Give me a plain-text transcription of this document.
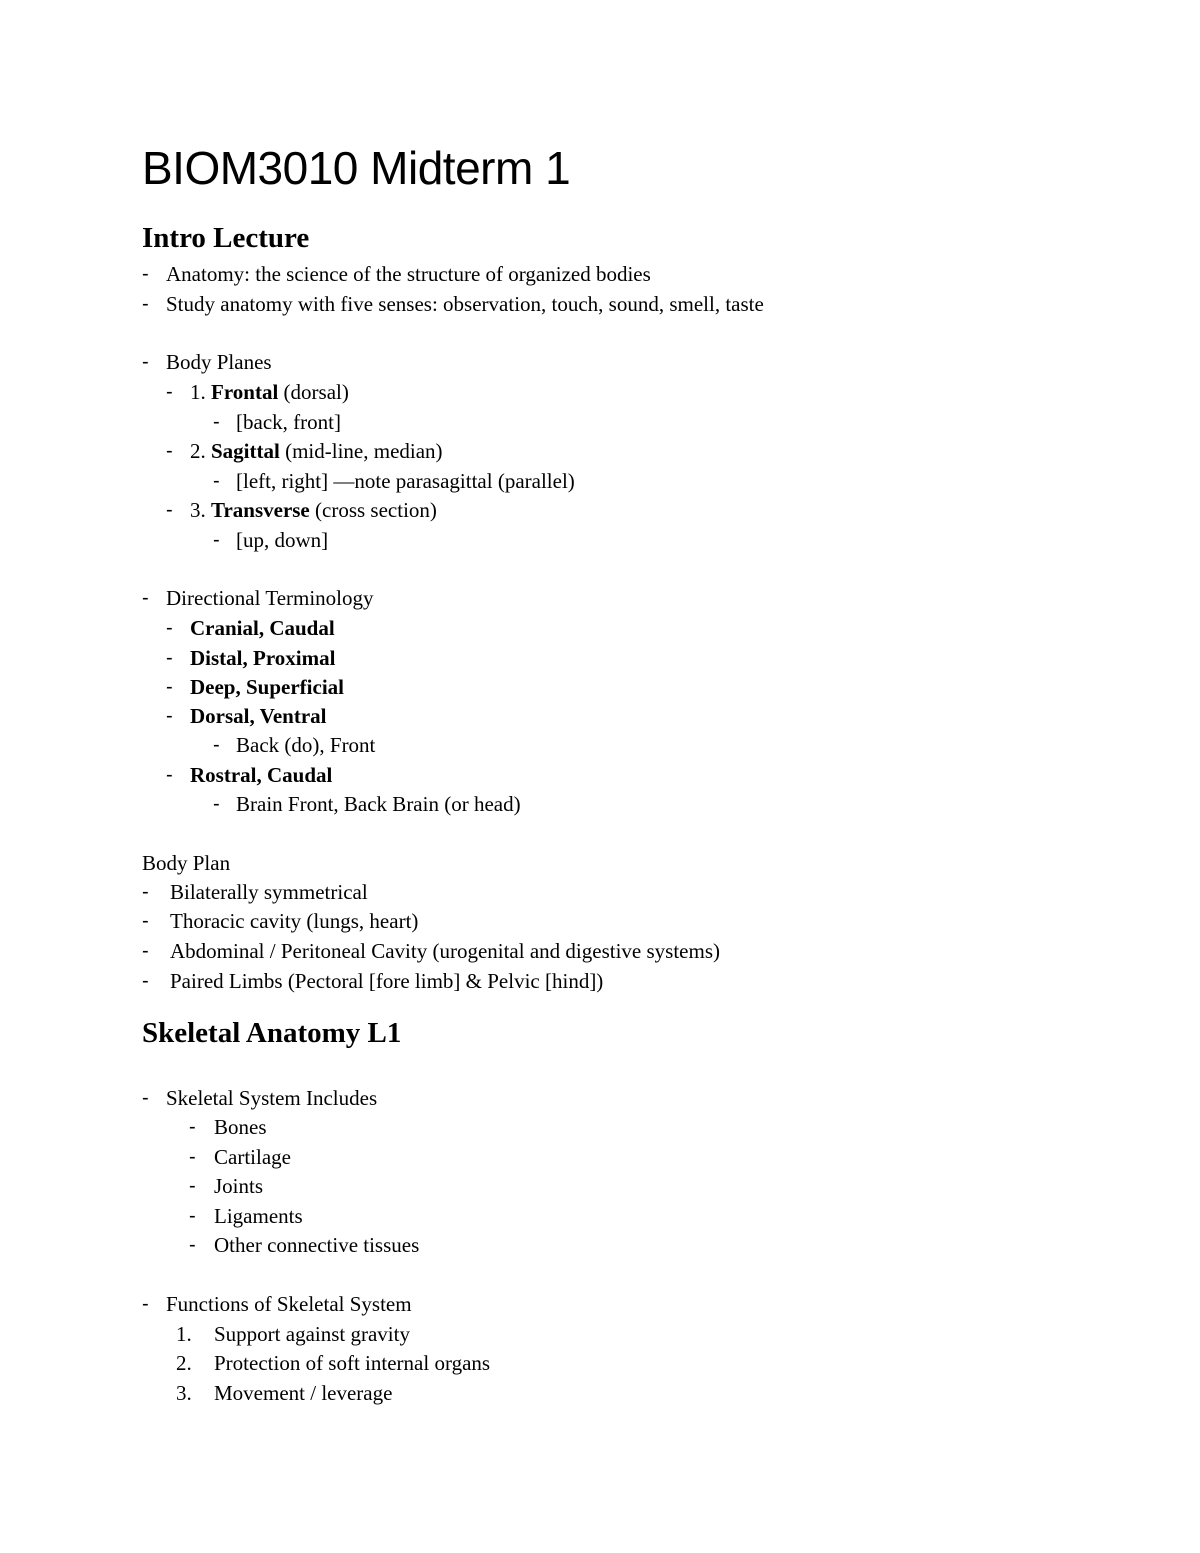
BIOM3010 Midterm 1
Intro Lecture
- Anatomy: the science of the structure of organized bodies
- Study anatomy with five senses: observation, touch, sound, smell, taste
- Body Planes
- 1. Frontal (dorsal)
- [back, front]
- 2. Sagittal (mid-line, median)
- [left, right] —note parasagittal (parallel)
- 3. Transverse (cross section)
- [up, down]
- Directional Terminology
- Cranial, Caudal
- Distal, Proximal
- Deep, Superficial
- Dorsal, Ventral
- Back (do), Front
- Rostral, Caudal
- Brain Front, Back Brain (or head)
Body Plan
- Bilaterally symmetrical
- Thoracic cavity (lungs, heart)
- Abdominal / Peritoneal Cavity (urogenital and digestive systems)
- Paired Limbs (Pectoral [fore limb] & Pelvic [hind])
Skeletal Anatomy L1
- Skeletal System Includes
- Bones
- Cartilage
- Joints
- Ligaments
- Other connective tissues
- Functions of Skeletal System
1. Support against gravity
2. Protection of soft internal organs
3. Movement / leverage
